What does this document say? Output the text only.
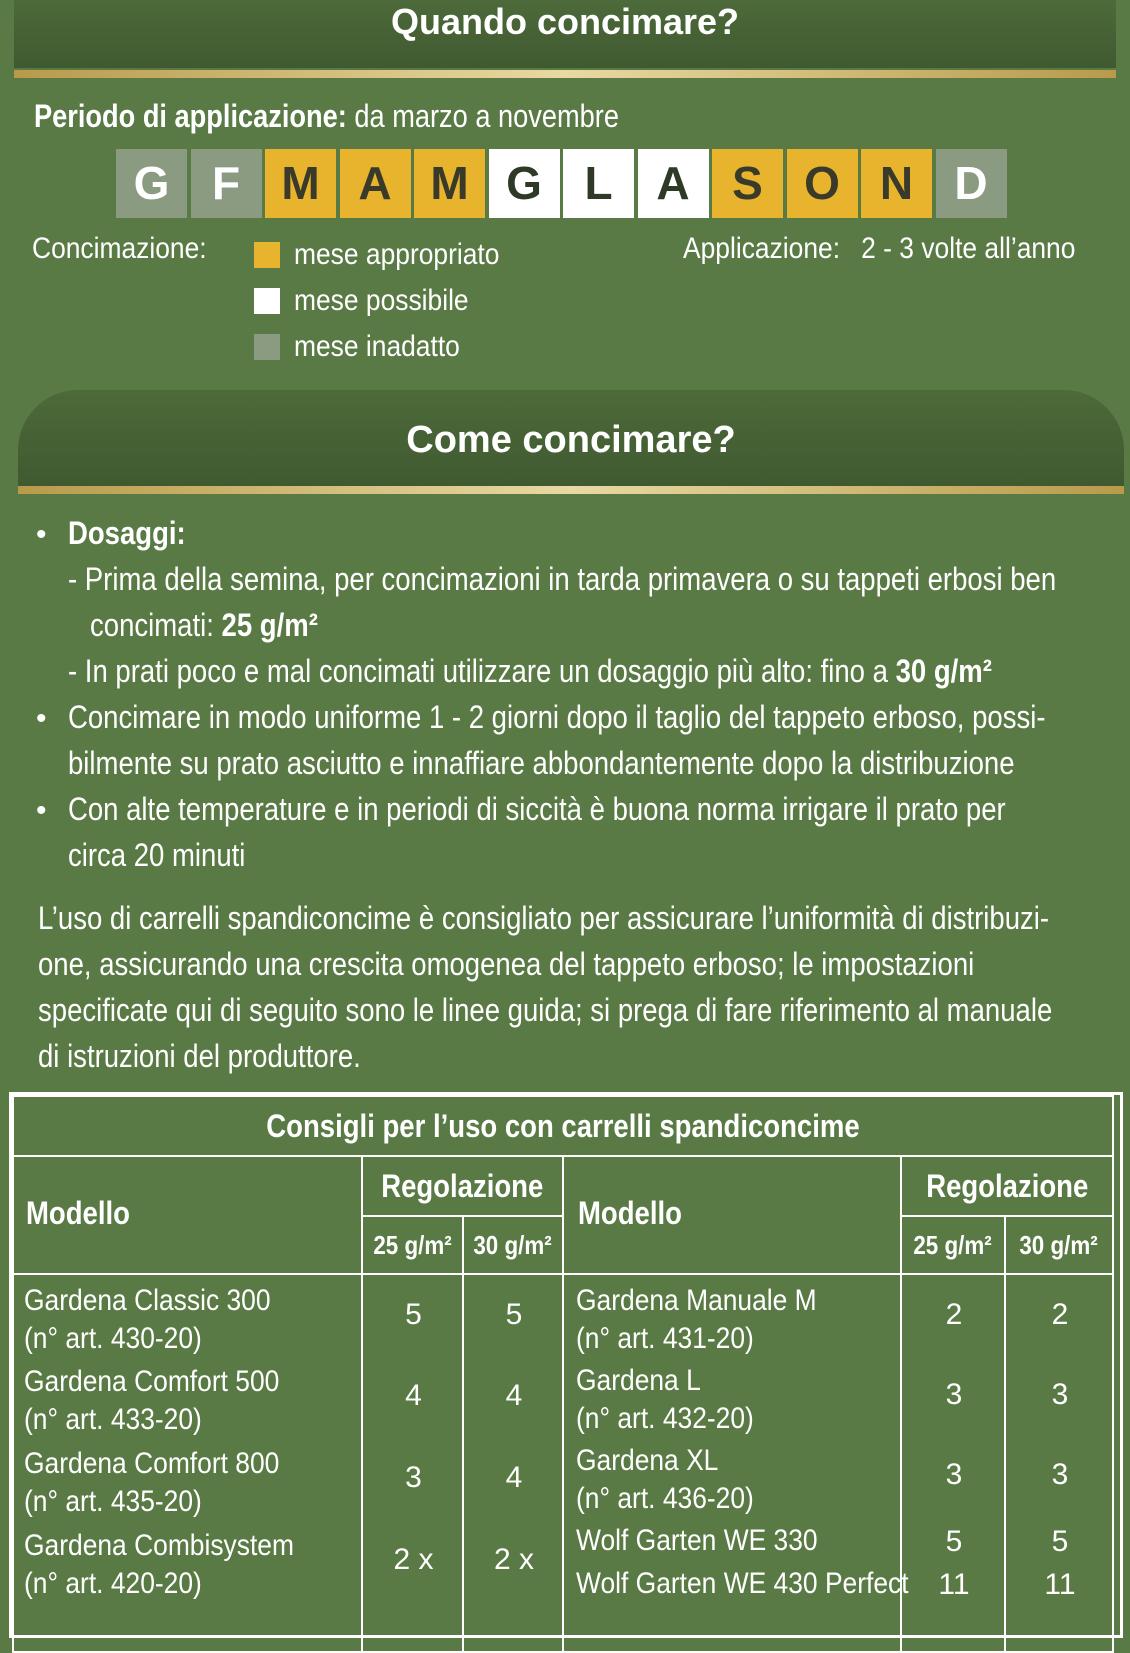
Quando concimare?
Periodo di applicazione: da marzo a novembre
G F M A M G L A S O N D
Concimazione:	mese appropriato
mese possibile
mese inadatto
Applicazione: 2 - 3 volte all’anno
Come concimare?
• Dosaggi:
- Prima della semina, per concimazioni in tarda primavera o su tappeti erbosi ben
concimati: 25 g/m²
- In prati poco e mal concimati utilizzare un dosaggio più alto: fino a 30 g/m²
• Concimare in modo uniforme 1 - 2 giorni dopo il taglio del tappeto erboso, possi-
bilmente su prato asciutto e innaffiare abbondantemente dopo la distribuzione
• Con alte temperature e in periodi di siccità è buona norma irrigare il prato per
circa 20 minuti
L’uso di carrelli spandiconcime è consigliato per assicurare l’uniformità di distribuzi-
one, assicurando una crescita omogenea del tappeto erboso; le impostazioni
specificate qui di seguito sono le linee guida; si prega di fare riferimento al manuale
di istruzioni del produttore.
Consigli per l’uso con carrelli spandiconcime
Modello
Regolazione
25 g/m² 30 g/m²
Modello
Regolazione
25 g/m²	30 g/m²
Gardena Classic 300
(n° art. 430-20)
5	5
Gardena Comfort 500
(n° art. 433-20)
4	4
Gardena Comfort 800
(n° art. 435-20)
3	4
Gardena Combisystem
(n° art. 420-20)
2 x	2 x
Gardena Manuale M
(n° art. 431-20)
2	2
Gardena L
(n° art. 432-20)
3	3
Gardena XL
(n° art. 436-20)
3	3
Wolf Garten WE 330	5	5
Wolf Garten WE 430 Perfect 11	11
